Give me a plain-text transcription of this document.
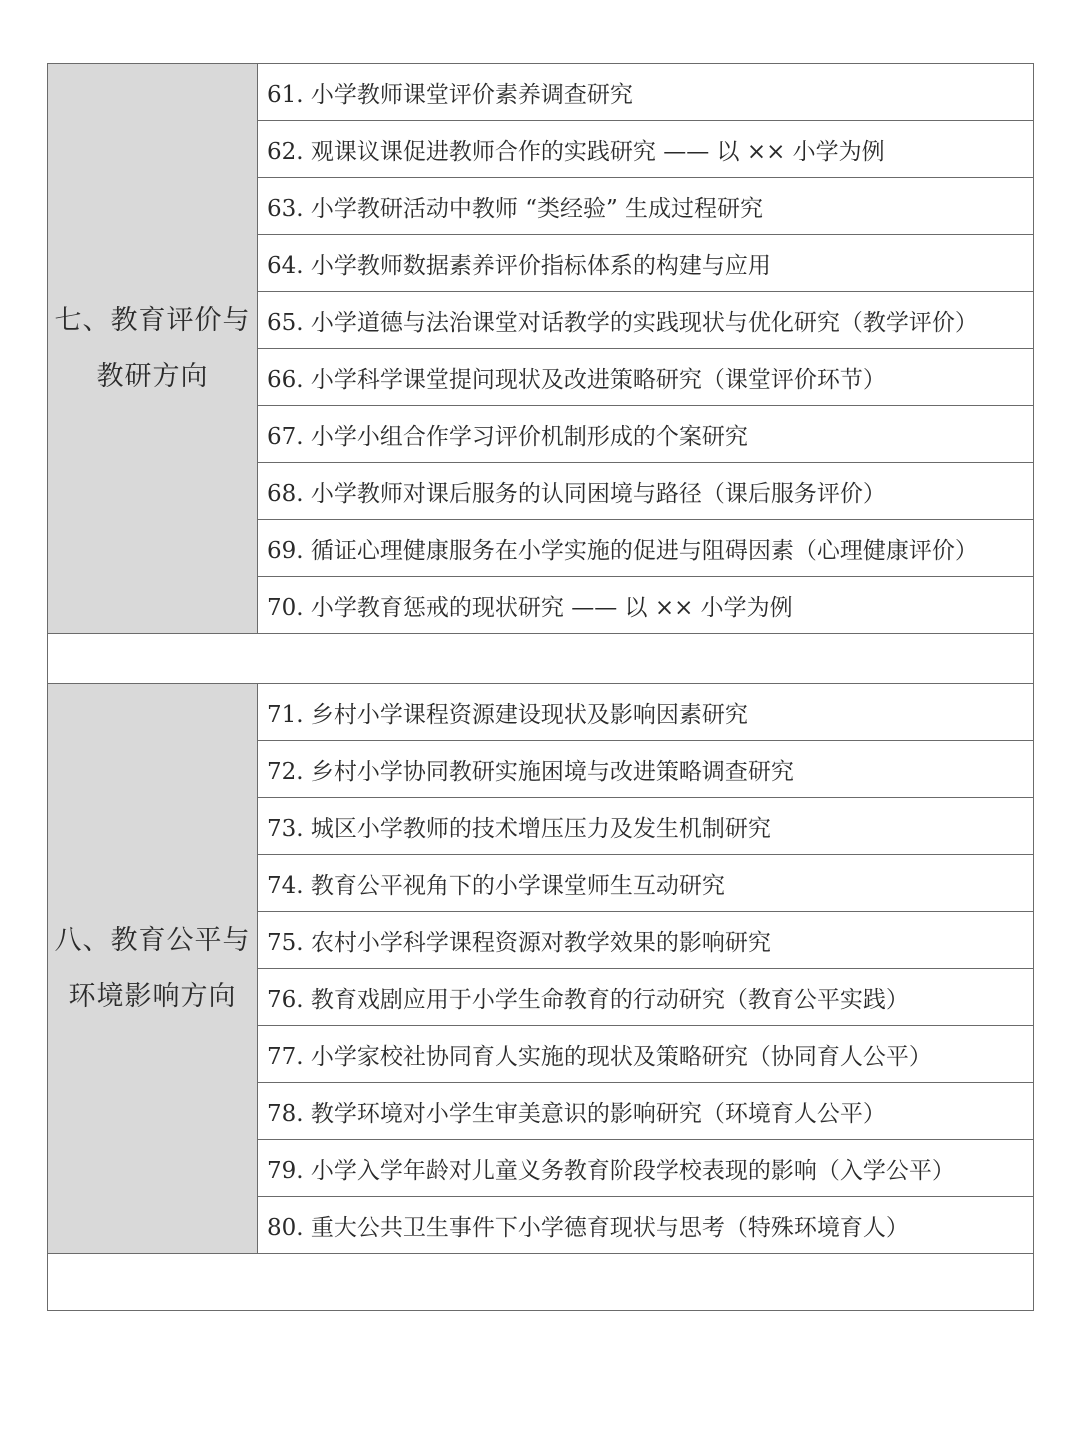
七、教育评价与
教研方向	61. 小学教师课堂评价素养调查研究
	62. 观课议课促进教师合作的实践研究 —— 以 ×× 小学为例
	63. 小学教研活动中教师 “类经验” 生成过程研究
	64. 小学教师数据素养评价指标体系的构建与应用
	65. 小学道德与法治课堂对话教学的实践现状与优化研究（教学评价）
	66. 小学科学课堂提问现状及改进策略研究（课堂评价环节）
	67. 小学小组合作学习评价机制形成的个案研究
	68. 小学教师对课后服务的认同困境与路径（课后服务评价）
	69. 循证心理健康服务在小学实施的促进与阻碍因素（心理健康评价）
	70. 小学教育惩戒的现状研究 —— 以 ×× 小学为例

八、教育公平与
环境影响方向	71. 乡村小学课程资源建设现状及影响因素研究
	72. 乡村小学协同教研实施困境与改进策略调查研究
	73. 城区小学教师的技术增压压力及发生机制研究
	74. 教育公平视角下的小学课堂师生互动研究
	75. 农村小学科学课程资源对教学效果的影响研究
	76. 教育戏剧应用于小学生命教育的行动研究（教育公平实践）
	77. 小学家校社协同育人实施的现状及策略研究（协同育人公平）
	78. 教学环境对小学生审美意识的影响研究（环境育人公平）
	79. 小学入学年龄对儿童义务教育阶段学校表现的影响（入学公平）
	80. 重大公共卫生事件下小学德育现状与思考（特殊环境育人）
